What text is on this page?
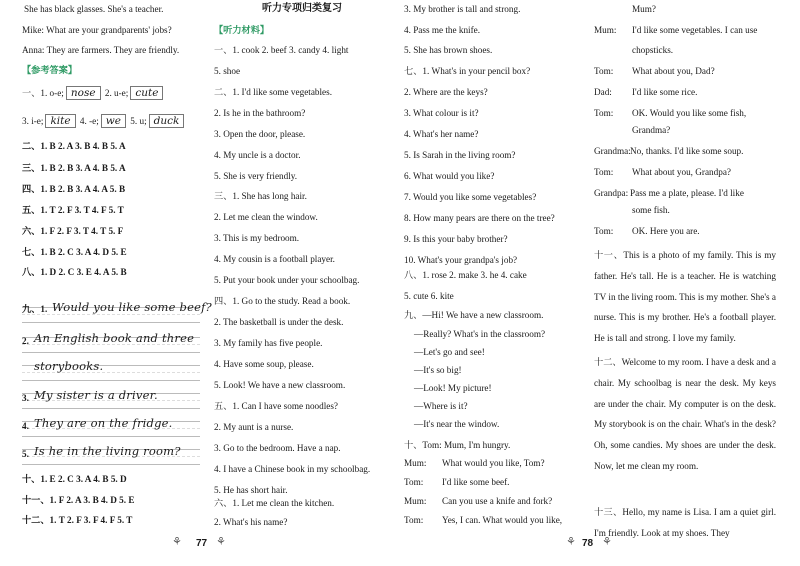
She has black glasses. She's a teacher.
Mike: What are your grandparents' jobs?
Anna: They are farmers. They are friendly.
【参考答案】
一、1. o-e; nose 2. u-e; cute
3. i-e; kite 4. -e; we 5. u; duck
二、1. B 2. A 3. B 4. B 5. A
三、1. B 2. B 3. A 4. B 5. A
四、1. B 2. B 3. A 4. A 5. B
五、1. T 2. F 3. T 4. F 5. T
六、1. F 2. F 3. T 4. T 5. F
七、1. B 2. C 3. A 4. D 5. E
八、1. D 2. C 3. E 4. A 5. B
九、1. Would you like some beef?
2. An English book and three
storybooks.
3. My sister is a driver.
4. They are on the fridge.
5. Is he in the living room?
十、1. E 2. C 3. A 4. B 5. D
十一、1. F 2. A 3. B 4. D 5. E
十二、1. T 2. F 3. F 4. F 5. T
⚘ 77 ⚘
听力专项归类复习
【听力材料】
一、1. cook 2. beef 3. candy 4. light
5. shoe
二、1. I'd like some vegetables.
2. Is he in the bathroom?
3. Open the door, please.
4. My uncle is a doctor.
5. She is very friendly.
三、1. She has long hair.
2. Let me clean the window.
3. This is my bedroom.
4. My cousin is a football player.
5. Put your book under your schoolbag.
四、1. Go to the study. Read a book.
2. The basketball is under the desk.
3. My family has five people.
4. Have some soup, please.
5. Look! We have a new classroom.
五、1. Can I have some noodles?
2. My aunt is a nurse.
3. Go to the bedroom. Have a nap.
4. I have a Chinese book in my schoolbag.
5. He has short hair.
六、1. Let me clean the kitchen.
2. What's his name?
3. My brother is tall and strong.
4. Pass me the knife.
5. She has brown shoes.
七、1. What's in your pencil box?
2. Where are the keys?
3. What colour is it?
4. What's her name?
5. Is Sarah in the living room?
6. What would you like?
7. Would you like some vegetables?
8. How many pears are there on the tree?
9. Is this your baby brother?
10. What's your grandpa's job?
八、1. rose 2. make 3. he 4. cake
5. cute 6. kite
九、—Hi! We have a new classroom.
—Really? What's in the classroom?
—Let's go and see!
—It's so big!
—Look! My picture!
—Where is it?
—It's near the window.
十、Tom: Mum, I'm hungry.
Mum: What would you like, Tom?
Tom: I'd like some beef.
Mum: Can you use a knife and fork?
Tom: Yes, I can. What would you like,
⚘ 78 ⚘
Mum?
Mum: I'd like some vegetables. I can use
chopsticks.
Tom: What about you, Dad?
Dad: I'd like some rice.
Tom: OK. Would you like some fish,
Grandma?
Grandma:No, thanks. I'd like some soup.
Tom: What about you, Grandpa?
Grandpa: Pass me a plate, please. I'd like
some fish.
Tom: OK. Here you are.
十一、This is a photo of my family. This is my father. He's tall. He is a teacher. He is watching TV in the living room. This is my mother. She's a nurse. This is my brother. He's a football player. He is tall and strong. I love my family.
十二、Welcome to my room. I have a desk and a chair. My schoolbag is near the desk. My keys are under the chair. My computer is on the desk. My storybook is on the chair. What's in the desk? Oh, some candies. My shoes are under the desk. Now, let me clean my room.
十三、Hello, my name is Lisa. I am a quiet girl. I'm friendly. Look at my shoes. They
